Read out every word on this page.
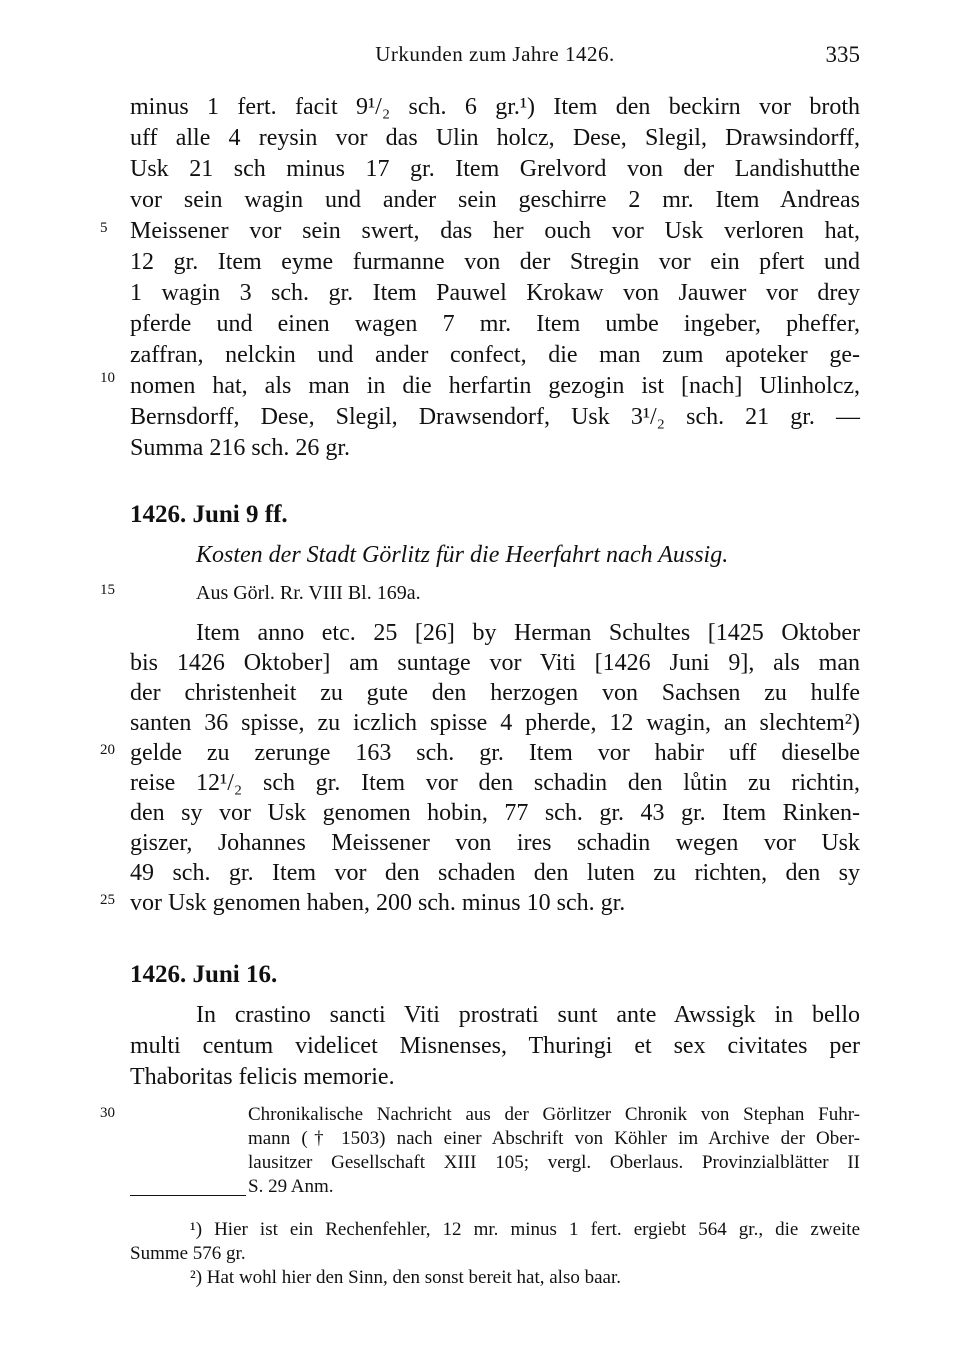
Urkunden zum Jahre 1426.	335
5
10
15
20
25
30
minus 1 fert. facit 9¹/₂ sch. 6 gr.¹) Item den beckirn vor broth
uff alle 4 reysin vor das Ulin holcz, Dese, Slegil, Drawsindorff,
Usk 21 sch minus 17 gr. Item Grelvord von der Landishutthe
vor sein wagin und ander sein geschirre 2 mr. Item Andreas
Meissener vor sein swert, das her ouch vor Usk verloren hat,
12 gr. Item eyme furmanne von der Stregin vor ein pfert und
1 wagin 3 sch. gr. Item Pauwel Krokaw von Jauwer vor drey
pferde und einen wagen 7 mr. Item umbe ingeber, pheffer,
zaffran, nelckin und ander confect, die man zum apoteker ge-
nomen hat, als man in die herfartin gezogin ist [nach] Ulinholcz,
Bernsdorff, Dese, Slegil, Drawsendorf, Usk 3¹/₂ sch. 21 gr. —
Summa 216 sch. 26 gr.
1426. Juni 9 ff.
Kosten der Stadt Görlitz für die Heerfahrt nach Aussig.
Aus Görl. Rr. VIII Bl. 169a.
Item anno etc. 25 [26] by Herman Schultes [1425 Oktober
bis 1426 Oktober] am suntage vor Viti [1426 Juni 9], als man
der christenheit zu gute den herzogen von Sachsen zu hulfe
santen 36 spisse, zu iczlich spisse 4 pherde, 12 wagin, an slechtem²)
gelde zu zerunge 163 sch. gr. Item vor habir uff dieselbe
reise 12¹/₂ sch gr. Item vor den schadin den lůtin zu richtin,
den sy vor Usk genomen hobin, 77 sch. gr. 43 gr. Item Rinken-
giszer, Johannes Meissener von ires schadin wegen vor Usk
49 sch. gr. Item vor den schaden den luten zu richten, den sy
vor Usk genomen haben, 200 sch. minus 10 sch. gr.
1426. Juni 16.
In crastino sancti Viti prostrati sunt ante Awssigk in bello
multi centum videlicet Misnenses, Thuringi et sex civitates per
Thaboritas felicis memorie.
Chronikalische Nachricht aus der Görlitzer Chronik von Stephan Fuhr-
mann († 1503) nach einer Abschrift von Köhler im Archive der Ober-
lausitzer Gesellschaft XIII 105; vergl. Oberlaus. Provinzialblätter II
S. 29 Anm.
¹) Hier ist ein Rechenfehler, 12 mr. minus 1 fert. ergiebt 564 gr., die zweite
Summe 576 gr.
²) Hat wohl hier den Sinn, den sonst bereit hat, also baar.
